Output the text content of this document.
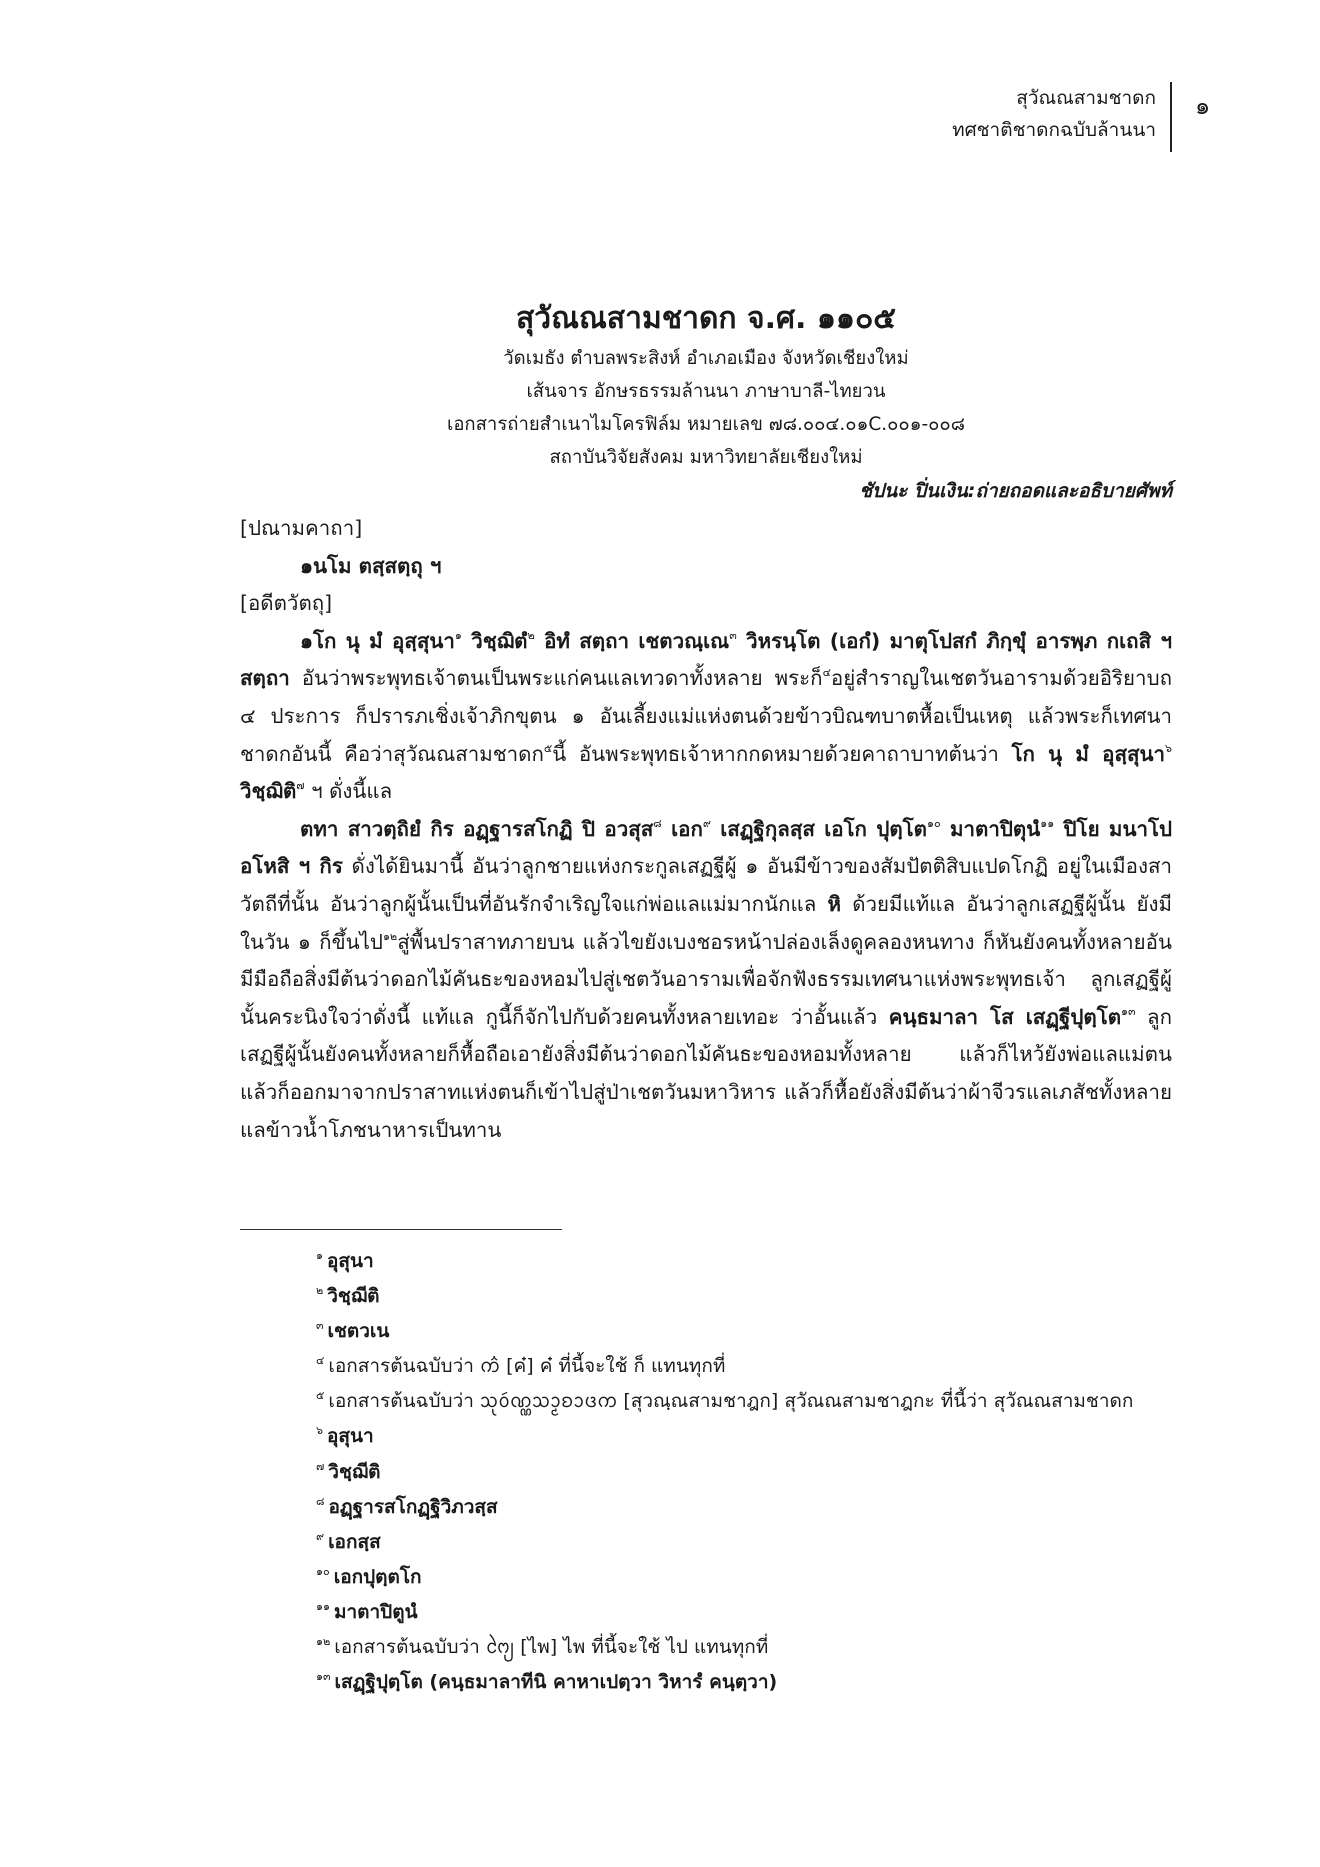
สุวัณณสามชาดก
ทศชาติชาดกฉบับล้านนา
๑
สุวัณณสามชาดก จ.ศ. ๑๑๐๕
วัดเมธัง ตำบลพระสิงห์ อำเภอเมือง จังหวัดเชียงใหม่
เส้นจาร อักษรธรรมล้านนา ภาษาบาลี-ไทยวน
เอกสารถ่ายสำเนาไมโครฟิล์ม หมายเลข ๗๘.๐๐๔.๐๑C.๐๐๑-๐๐๘
สถาบันวิจัยสังคม มหาวิทยาลัยเชียงใหม่
ชัปนะ ปิ่นเงิน:ถ่ายถอดและอธิบายศัพท์

[ปณามคาถา]

๑นโม ตสฺสตฺถุ ฯ

[อดีตวัตถุ]

๑โก นุ มํ อุสฺสุนา$^๑$ วิชฺฌิตํ$^๒$ อิทํ สตฺถา เชตวณฺเณ$^๓$ วิหรนฺโต (เอกํ) มาตุโปสกํ ภิกฺขุํ อารพฺภ กเถสิ ฯ สตฺถา อันว่าพระพุทธเจ้าตนเป็นพระแก่คนแลเทวดาทั้งหลาย พระก็$^๔$อยู่สำราญในเชตวันอารามด้วยอิริยาบถ ๔ ประการ ก็ปรารภเชิ่งเจ้าภิกขุตน ๑ อันเลี้ยงแม่แห่งตนด้วยข้าวบิณฑบาตหื้อเป็นเหตุ แล้วพระก็เทศนาชาดกอันนี้ คือว่าสุวัณณสามชาดก$^๕$นี้ อันพระพุทธเจ้าหากกดหมายด้วยคาถาบาทต้นว่า โก นุ มํ อุสฺสุนา$^๖$ วิชฺฌิติ$^๗$ ฯ ดั่งนี้แล

ตทา สาวตฺถิยํ กิร อฏฺฐารสโกฏิ ปิ อวสุส$^๘$ เอก$^๙$ เสฏฺฐิกุลสฺส เอโก ปุตฺโต$^{๑๐}$ มาตาปิตุนํ$^{๑๑}$ ปิโย มนาโป อโหสิ ฯ กิร ดั่งได้ยินมานี้ อันว่าลูกชายแห่งกระกูลเสฏฐีผู้ ๑ อันมีข้าวของสัมปัตติสิบแปดโกฏิ อยู่ในเมืองสาวัตถีที่นั้น อันว่าลูกผู้นั้นเป็นที่อันรักจำเริญใจแก่พ่อแลแม่มากนักแล หิ ด้วยมีแท้แล อันว่าลูกเสฏฐีผู้นั้น ยังมีในวัน ๑ ก็ขึ้นไป$^{๑๒}$สู่พื้นปราสาทภายบน แล้วไขยังเบงชอรหน้าปล่องเล็งดูคลองหนทาง ก็หันยังคนทั้งหลายอันมีมือถือสิ่งมีต้นว่าดอกไม้คันธะของหอมไปสู่เชตวันอารามเพื่อจักฟังธรรมเทศนาแห่งพระพุทธเจ้า ลูกเสฏฐีผู้นั้นคระนิงใจว่าดั่งนี้ แท้แล กูนี้ก็จักไปกับด้วยคนทั้งหลายเทอะ ว่าอั้นแล้ว คนฺธมาลา โส เสฏฺฐีปุตฺโต$^{๑๓}$ ลูกเสฏฐีผู้นั้นยังคนทั้งหลายก็หื้อถือเอายังสิ่งมีต้นว่าดอกไม้คันธะของหอมทั้งหลาย แล้วก็ไหว้ยังพ่อแลแม่ตน แล้วก็ออกมาจากปราสาทแห่งตนก็เข้าไปสู่ป่าเชตวันมหาวิหาร แล้วก็หื้อยังสิ่งมีต้นว่าผ้าจีวรแลเภสัชทั้งหลายแลข้าวน้ำโภชนาหารเป็นทาน

$^๑$ อุสุนา
$^๒$ วิชฺฌีติ
$^๓$ เชตวเน
$^๔$ เอกสารต้นฉบับว่า ᨠᩳ [ค๋] ค๋ ที่นี้จะใช้ ก็ แทนทุกที่
$^๕$ เอกสารต้นฉบับว่า ᩈᩩᩅᩢᨱ᩠ᨱᩈᩣ᩠ᨾᨧᩣᨴᨠ [สุวณฺณสามชาฎก] สุวัณณสามชาฎกะ ที่นี้ว่า สุวัณณสามชาดก
$^๖$ อุสุนา
$^๗$ วิชฺฌีติ
$^๘$ อฏฺฐารสโกฏฺฐิวิภวสฺส
$^๙$ เอกสฺส
$^{๑๐}$ เอกปุตฺตโก
$^{๑๑}$ มาตาปิตูนํ
$^{๑๒}$ เอกสารต้นฉบับว่า ᨻᩱ᩠ᨿ [ไพ] ไพ ที่นี้จะใช้ ไป แทนทุกที่
$^{๑๓}$ เสฏฺฐิปุตฺโต (คนฺธมาลาทีนิ คาหาเปตฺวา วิหารํ คนฺตฺวา)
